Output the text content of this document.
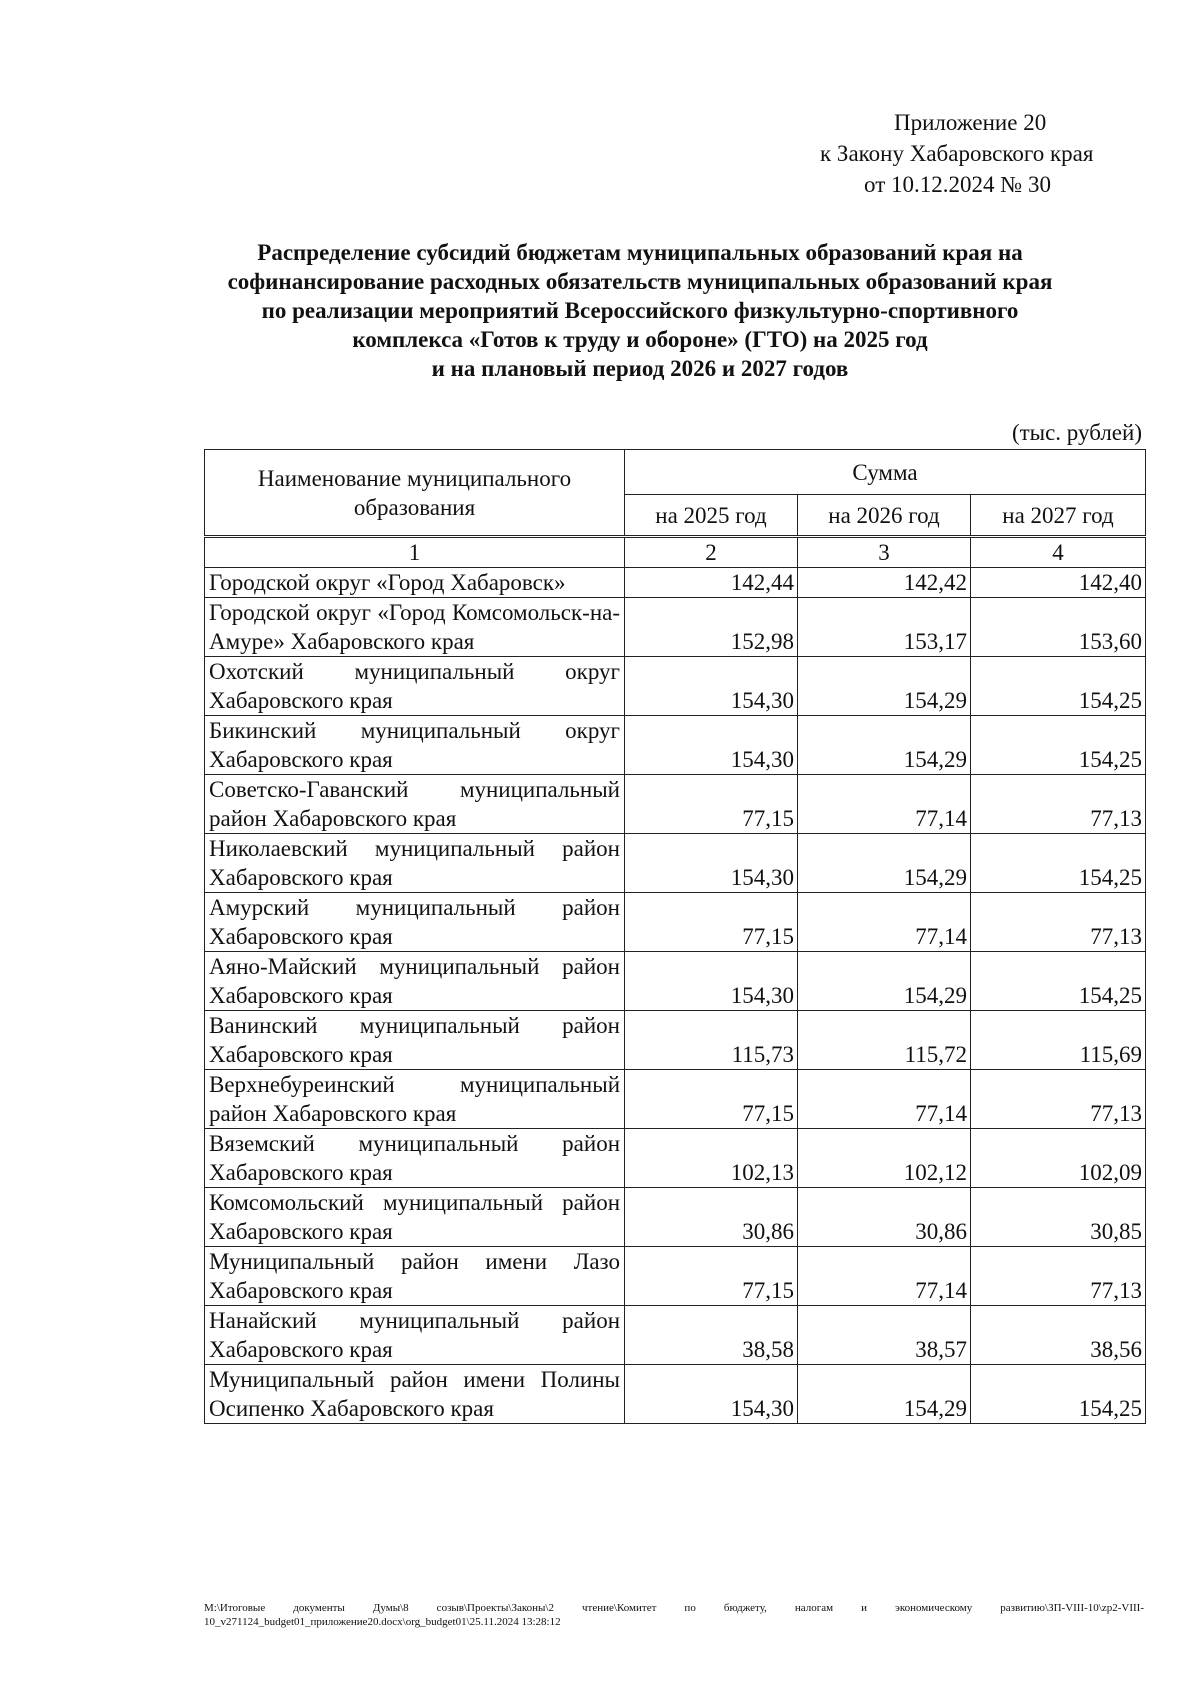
Приложение 20
к Закону Хабаровского края
от 10.12.2024 № 30
Распределение субсидий бюджетам муниципальных образований края на
софинансирование расходных обязательств муниципальных образований края
по реализации мероприятий Всероссийского физкультурно-спортивного
комплекса «Готов к труду и обороне» (ГТО) на 2025 год
и на плановый период 2026 и 2027 годов
(тыс. рублей)
Наименование муниципального образования	Сумма		
	на 2025 год	на 2026 год	на 2027 год
1	2	3	4
Городской округ «Город Хабаровск»	142,44	142,42	142,40
Городской округ «Город Комсомольск-на-Амуре» Хабаровского края	152,98	153,17	153,60
Охотский муниципальный округ Хабаровского края	154,30	154,29	154,25
Бикинский муниципальный округ Хабаровского края	154,30	154,29	154,25
Советско-Гаванский муниципальный район Хабаровского края	77,15	77,14	77,13
Николаевский муниципальный район Хабаровского края	154,30	154,29	154,25
Амурский муниципальный район Хабаровского края	77,15	77,14	77,13
Аяно-Майский муниципальный район Хабаровского края	154,30	154,29	154,25
Ванинский муниципальный район Хабаровского края	115,73	115,72	115,69
Верхнебуреинский муниципальный район Хабаровского края	77,15	77,14	77,13
Вяземский муниципальный район Хабаровского края	102,13	102,12	102,09
Комсомольский муниципальный район Хабаровского края	30,86	30,86	30,85
Муниципальный район имени Лазо Хабаровского края	77,15	77,14	77,13
Нанайский муниципальный район Хабаровского края	38,58	38,57	38,56
Муниципальный район имени Полины Осипенко Хабаровского края	154,30	154,29	154,25
М:\Итоговые документы Думы\8 созыв\Проекты\Законы\2 чтение\Комитет по бюджету, налогам и экономическому развитию\ЗП-VIII-10\zp2-VIII-10_v271124_budget01_приложение20.docx\org_budget01\25.11.2024 13:28:12
